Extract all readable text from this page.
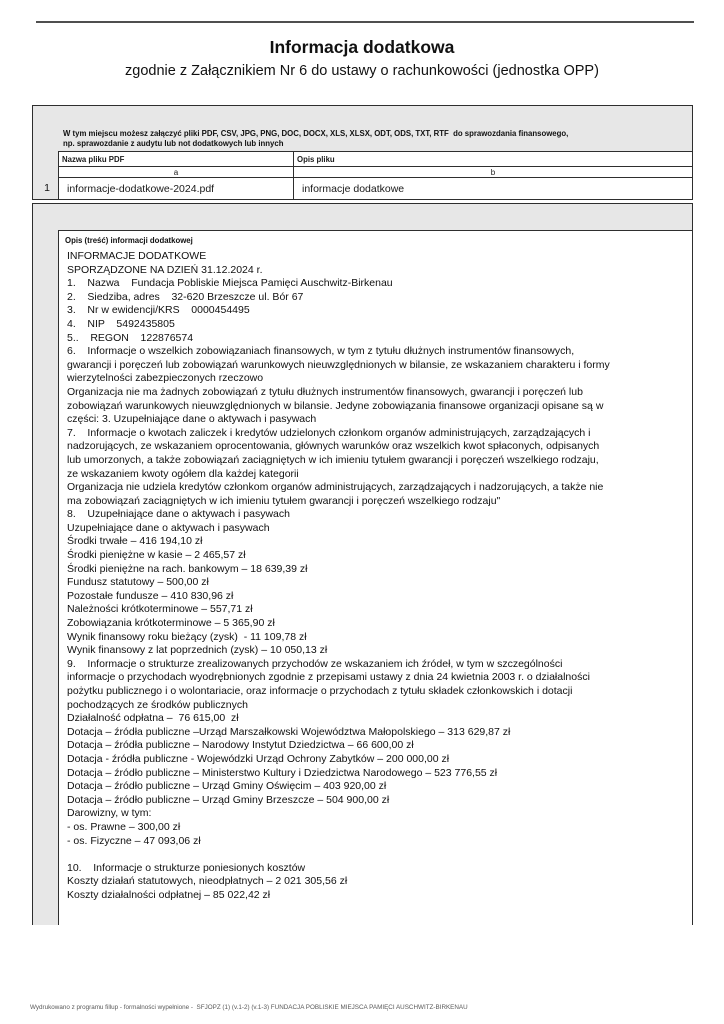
Informacja dodatkowa
zgodnie z Załącznikiem Nr 6 do ustawy o rachunkowości (jednostka OPP)
W tym miejscu możesz załączyć pliki PDF, CSV, JPG, PNG, DOC, DOCX, XLS, XLSX, ODT, ODS, TXT, RTF  do sprawozdania finansowego,
np. sprawozdanie z audytu lub not dodatkowych lub innych
1
Nazwa pliku PDF	Opis pliku
a	b
informacje-dodatkowe-2024.pdf	informacje dodatkowe
Opis (treść) informacji dodatkowej
INFORMACJE DODATKOWE
SPORZĄDZONE NA DZIEŃ 31.12.2024 r.
1.    Nazwa    Fundacja Pobliskie Miejsca Pamięci Auschwitz-Birkenau
2.    Siedziba, adres    32-620 Brzeszcze ul. Bór 67
3.    Nr w ewidencji/KRS    0000454495
4.    NIP    5492435805
5..    REGON    122876574
6.    Informacje o wszelkich zobowiązaniach finansowych, w tym z tytułu dłużnych instrumentów finansowych,
gwarancji i poręczeń lub zobowiązań warunkowych nieuwzględnionych w bilansie, ze wskazaniem charakteru i formy
wierzytelności zabezpieczonych rzeczowo
Organizacja nie ma żadnych zobowiązań z tytułu dłużnych instrumentów finansowych, gwarancji i poręczeń lub
zobowiązań warunkowych nieuwzględnionych w bilansie. Jedyne zobowiązania finansowe organizacji opisane są w
części: 3. Uzupełniające dane o aktywach i pasywach
7.    Informacje o kwotach zaliczek i kredytów udzielonych członkom organów administrujących, zarządzających i
nadzorujących, ze wskazaniem oprocentowania, głównych warunków oraz wszelkich kwot spłaconych, odpisanych
lub umorzonych, a także zobowiązań zaciągniętych w ich imieniu tytułem gwarancji i poręczeń wszelkiego rodzaju,
ze wskazaniem kwoty ogółem dla każdej kategorii
Organizacja nie udziela kredytów członkom organów administrujących, zarządzających i nadzorujących, a także nie
ma zobowiązań zaciągniętych w ich imieniu tytułem gwarancji i poręczeń wszelkiego rodzaju"
8.    Uzupełniające dane o aktywach i pasywach
Uzupełniające dane o aktywach i pasywach
Środki trwałe – 416 194,10 zł
Środki pieniężne w kasie – 2 465,57 zł
Środki pieniężne na rach. bankowym – 18 639,39 zł
Fundusz statutowy – 500,00 zł
Pozostałe fundusze – 410 830,96 zł
Należności krótkoterminowe – 557,71 zł
Zobowiązania krótkoterminowe – 5 365,90 zł
Wynik finansowy roku bieżący (zysk)  - 11 109,78 zł
Wynik finansowy z lat poprzednich (zysk) – 10 050,13 zł
9.    Informacje o strukturze zrealizowanych przychodów ze wskazaniem ich źródeł, w tym w szczególności
informacje o przychodach wyodrębnionych zgodnie z przepisami ustawy z dnia 24 kwietnia 2003 r. o działalności
pożytku publicznego i o wolontariacie, oraz informacje o przychodach z tytułu składek członkowskich i dotacji
pochodzących ze środków publicznych
Działalność odpłatna –  76 615,00  zł
Dotacja – źródła publiczne –Urząd Marszałkowski Województwa Małopolskiego – 313 629,87 zł
Dotacja – źródła publiczne – Narodowy Instytut Dziedzictwa – 66 600,00 zł
Dotacja - źródła publiczne - Wojewódzki Urząd Ochrony Zabytków – 200 000,00 zł
Dotacja – źródło publiczne – Ministerstwo Kultury i Dziedzictwa Narodowego – 523 776,55 zł
Dotacja – źródło publiczne – Urząd Gminy Oświęcim – 403 920,00 zł
Dotacja – źródło publiczne – Urząd Gminy Brzeszcze – 504 900,00 zł
Darowizny, w tym:
- os. Prawne – 300,00 zł
- os. Fizyczne – 47 093,06 zł

10.    Informacje o strukturze poniesionych kosztów
Koszty działań statutowych, nieodpłatnych – 2 021 305,56 zł
Koszty działalności odpłatnej – 85 022,42 zł
Wydrukowano z programu fillup - formalności wypełnione -  SFJOPZ (1) (v.1-2) (v.1-3) FUNDACJA POBLISKIE MIEJSCA PAMIĘCI AUSCHWITZ-BIRKENAU
